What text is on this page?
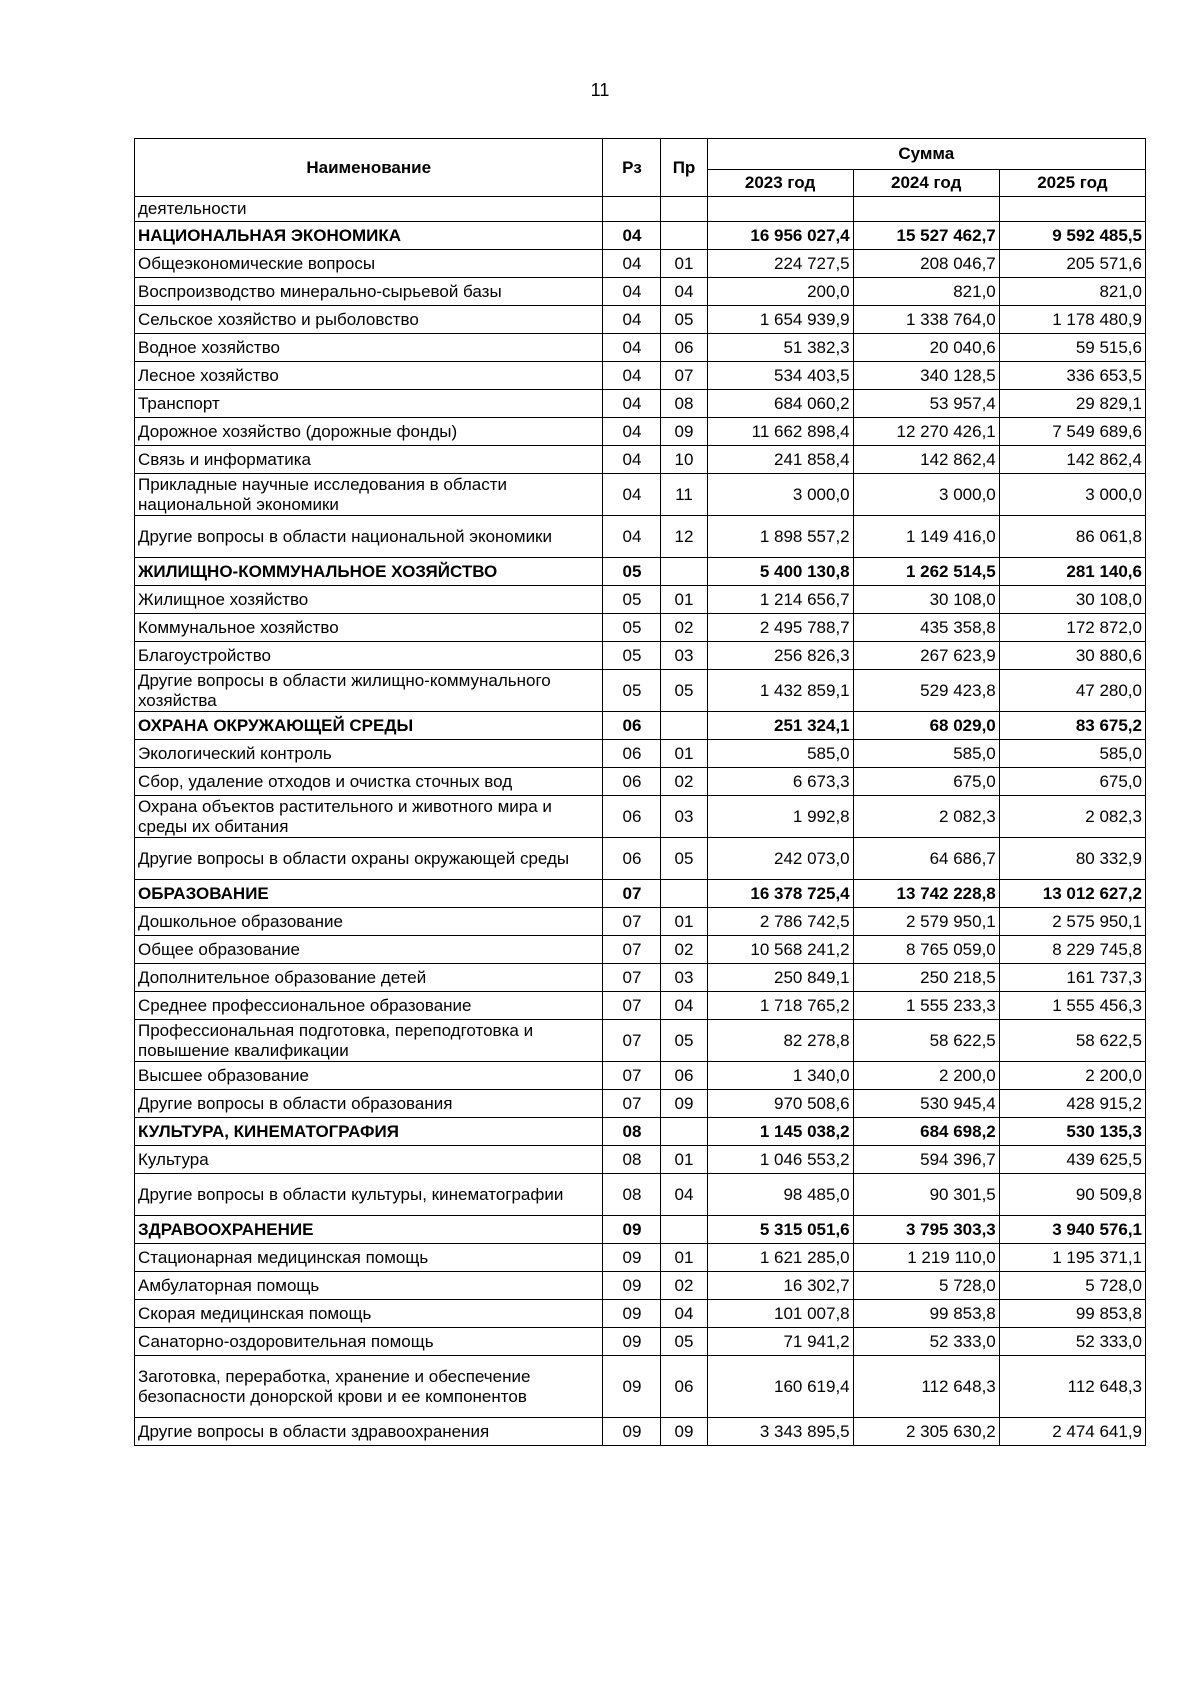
11
Наименование	Рз	Пр	Сумма		
			2023 год	2024 год	2025 год
деятельности					
НАЦИОНАЛЬНАЯ ЭКОНОМИКА	04		16 956 027,4	15 527 462,7	9 592 485,5
Общеэкономические вопросы	04	01	224 727,5	208 046,7	205 571,6
Воспроизводство минерально-сырьевой базы	04	04	200,0	821,0	821,0
Сельское хозяйство и рыболовство	04	05	1 654 939,9	1 338 764,0	1 178 480,9
Водное хозяйство	04	06	51 382,3	20 040,6	59 515,6
Лесное хозяйство	04	07	534 403,5	340 128,5	336 653,5
Транспорт	04	08	684 060,2	53 957,4	29 829,1
Дорожное хозяйство (дорожные фонды)	04	09	11 662 898,4	12 270 426,1	7 549 689,6
Связь и информатика	04	10	241 858,4	142 862,4	142 862,4
Прикладные научные исследования в области национальной экономики	04	11	3 000,0	3 000,0	3 000,0
Другие вопросы в области национальной экономики	04	12	1 898 557,2	1 149 416,0	86 061,8
ЖИЛИЩНО-КОММУНАЛЬНОЕ ХОЗЯЙСТВО	05		5 400 130,8	1 262 514,5	281 140,6
Жилищное хозяйство	05	01	1 214 656,7	30 108,0	30 108,0
Коммунальное хозяйство	05	02	2 495 788,7	435 358,8	172 872,0
Благоустройство	05	03	256 826,3	267 623,9	30 880,6
Другие вопросы в области жилищно-коммунального хозяйства	05	05	1 432 859,1	529 423,8	47 280,0
ОХРАНА ОКРУЖАЮЩЕЙ СРЕДЫ	06		251 324,1	68 029,0	83 675,2
Экологический контроль	06	01	585,0	585,0	585,0
Сбор, удаление отходов и очистка сточных вод	06	02	6 673,3	675,0	675,0
Охрана объектов растительного и животного мира и среды их обитания	06	03	1 992,8	2 082,3	2 082,3
Другие вопросы в области охраны окружающей среды	06	05	242 073,0	64 686,7	80 332,9
ОБРАЗОВАНИЕ	07		16 378 725,4	13 742 228,8	13 012 627,2
Дошкольное образование	07	01	2 786 742,5	2 579 950,1	2 575 950,1
Общее образование	07	02	10 568 241,2	8 765 059,0	8 229 745,8
Дополнительное образование детей	07	03	250 849,1	250 218,5	161 737,3
Среднее профессиональное образование	07	04	1 718 765,2	1 555 233,3	1 555 456,3
Профессиональная подготовка, переподготовка и повышение квалификации	07	05	82 278,8	58 622,5	58 622,5
Высшее образование	07	06	1 340,0	2 200,0	2 200,0
Другие вопросы в области образования	07	09	970 508,6	530 945,4	428 915,2
КУЛЬТУРА, КИНЕМАТОГРАФИЯ	08		1 145 038,2	684 698,2	530 135,3
Культура	08	01	1 046 553,2	594 396,7	439 625,5
Другие вопросы в области культуры, кинематографии	08	04	98 485,0	90 301,5	90 509,8
ЗДРАВООХРАНЕНИЕ	09		5 315 051,6	3 795 303,3	3 940 576,1
Стационарная медицинская помощь	09	01	1 621 285,0	1 219 110,0	1 195 371,1
Амбулаторная помощь	09	02	16 302,7	5 728,0	5 728,0
Скорая медицинская помощь	09	04	101 007,8	99 853,8	99 853,8
Санаторно-оздоровительная помощь	09	05	71 941,2	52 333,0	52 333,0
Заготовка, переработка, хранение и обеспечение безопасности донорской крови и ее компонентов	09	06	160 619,4	112 648,3	112 648,3
Другие вопросы в области здравоохранения	09	09	3 343 895,5	2 305 630,2	2 474 641,9
